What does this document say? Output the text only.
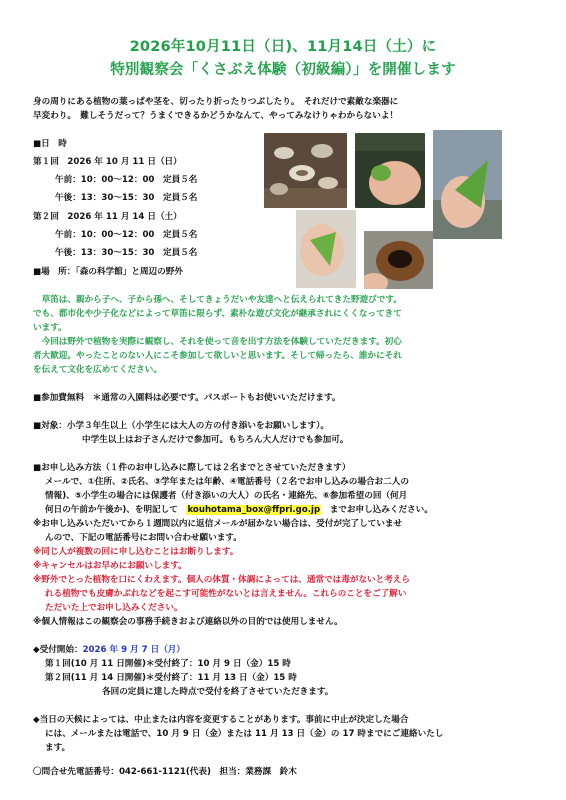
2026年10月11日（日)、11月14日（土）に
特別観察会「くさぶえ体験（初級編）」を開催します
身の周りにある植物の葉っぱや茎を、切ったり折ったりつぶしたり。　それだけで素敵な楽器に
早変わり。　難しそうだって？うまくできるかどうかなんて、やってみなけりゃわからないよ！
■日　時
第１回　2026 年 10 月 11 日（日）
午前：10：00～12：00　定員５名
午後：13：30～15：30　定員５名
第２回　2026 年 11 月 14 日（土）
午前：10：00～12：00　定員５名
午後：13：30～15：30　定員５名
■場　所：「森の科学館」と周辺の野外
　草笛は、親から子へ、子から孫へ、そしてきょうだいや友達へと伝えられてきた野遊びです。
でも、都市化や少子化などによって草笛に限らず、素朴な遊び文化が継承されにくくなってきて
います。
　今回は野外で植物を実際に観察し、それを使って音を出す方法を体験していただきます。初心
者大歓迎。やったことのない人にこそ参加して欲しいと思います。そして帰ったら、誰かにそれ
を伝えて文化を広めてください。
■参加費無料　＊通常の入園料は必要です。パスポートもお使いいただけます。
■対象：小学３年生以上（小学生には大人の方の付き添いをお願いします）。
中学生以上はお子さんだけで参加可。もちろん大人だけでも参加可。
■お申し込み方法（１件のお申し込みに際しては２名までとさせていただきます）
メールで、①住所、②氏名、③学年または年齢、④電話番号（２名でお申し込みの場合お二人の
情報)、⑤小学生の場合には保護者（付き添いの大人）の氏名・連絡先、⑥参加希望の回（何月
何日の午前か午後か)、を明記して　kouhotama_box@ffpri.go.jp　までお申し込みください。
※お申し込みいただいてから１週間以内に返信メールが届かない場合は、受付が完了していませ
んので、下記の電話番号にお問い合わせ願います。
※同じ人が複数の回に申し込むことはお断りします。
※キャンセルはお早めにお願いします。
※野外でとった植物を口にくわえます。個人の体質・体調によっては、通常では毒がないと考えら
れる植物でも皮膚かぶれなどを起こす可能性がないとは言えません。これらのことをご了解い
ただいた上でお申し込みください。
※個人情報はこの観察会の事務手続きおよび連絡以外の目的では使用しません。
◆受付開始：2026 年 9 月 7 日（月）
第１回(10 月 11 日開催)＊受付終了：10 月 9 日（金）15 時
第２回(11 月 14 日開催)＊受付終了：11 月 13 日（金）15 時
各回の定員に達した時点で受付を終了させていただきます。
◆当日の天候によっては、中止または内容を変更することがあります。事前に中止が決定した場合
には、メールまたは電話で、10 月 9 日（金）または 11 月 13 日（金）の 17 時までにご連絡いたし
ます。
〇問合せ先電話番号：042-661-1121(代表)　担当：業務課　鈴木
